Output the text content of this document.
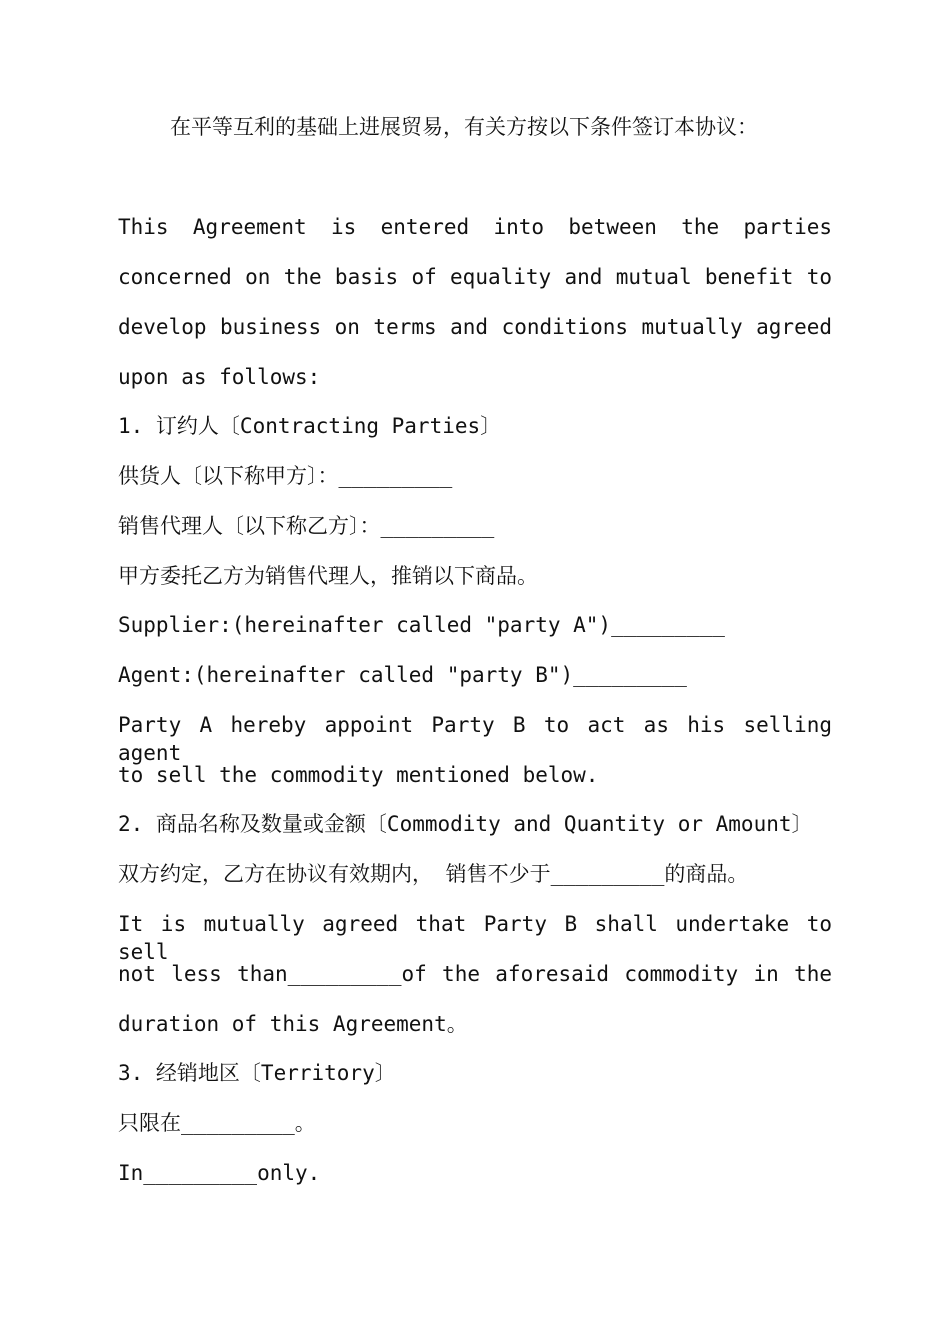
在平等互利的基础上进展贸易，有关方按以下条件签订本协议：
This Agreement is entered into between the parties
concerned on the basis of equality and mutual benefit to
develop business on terms and conditions mutually agreed
upon as follows:
1. 订约人〔Contracting Parties〕
供货人〔以下称甲方〕：_________
销售代理人〔以下称乙方〕：_________
甲方委托乙方为销售代理人，推销以下商品。
Supplier:(hereinafter called "party A")_________
Agent:(hereinafter called "party B")_________
Party A hereby appoint Party B to act as his selling agent
to sell the commodity mentioned below.
2. 商品名称及数量或金额〔Commodity and Quantity or Amount〕
双方约定，乙方在协议有效期内， 销售不少于_________的商品。
It is mutually agreed that Party B shall undertake to sell
not less than_________of the aforesaid commodity in the
duration of this Agreement。
3. 经销地区〔Territory〕
只限在_________。
In_________only.
